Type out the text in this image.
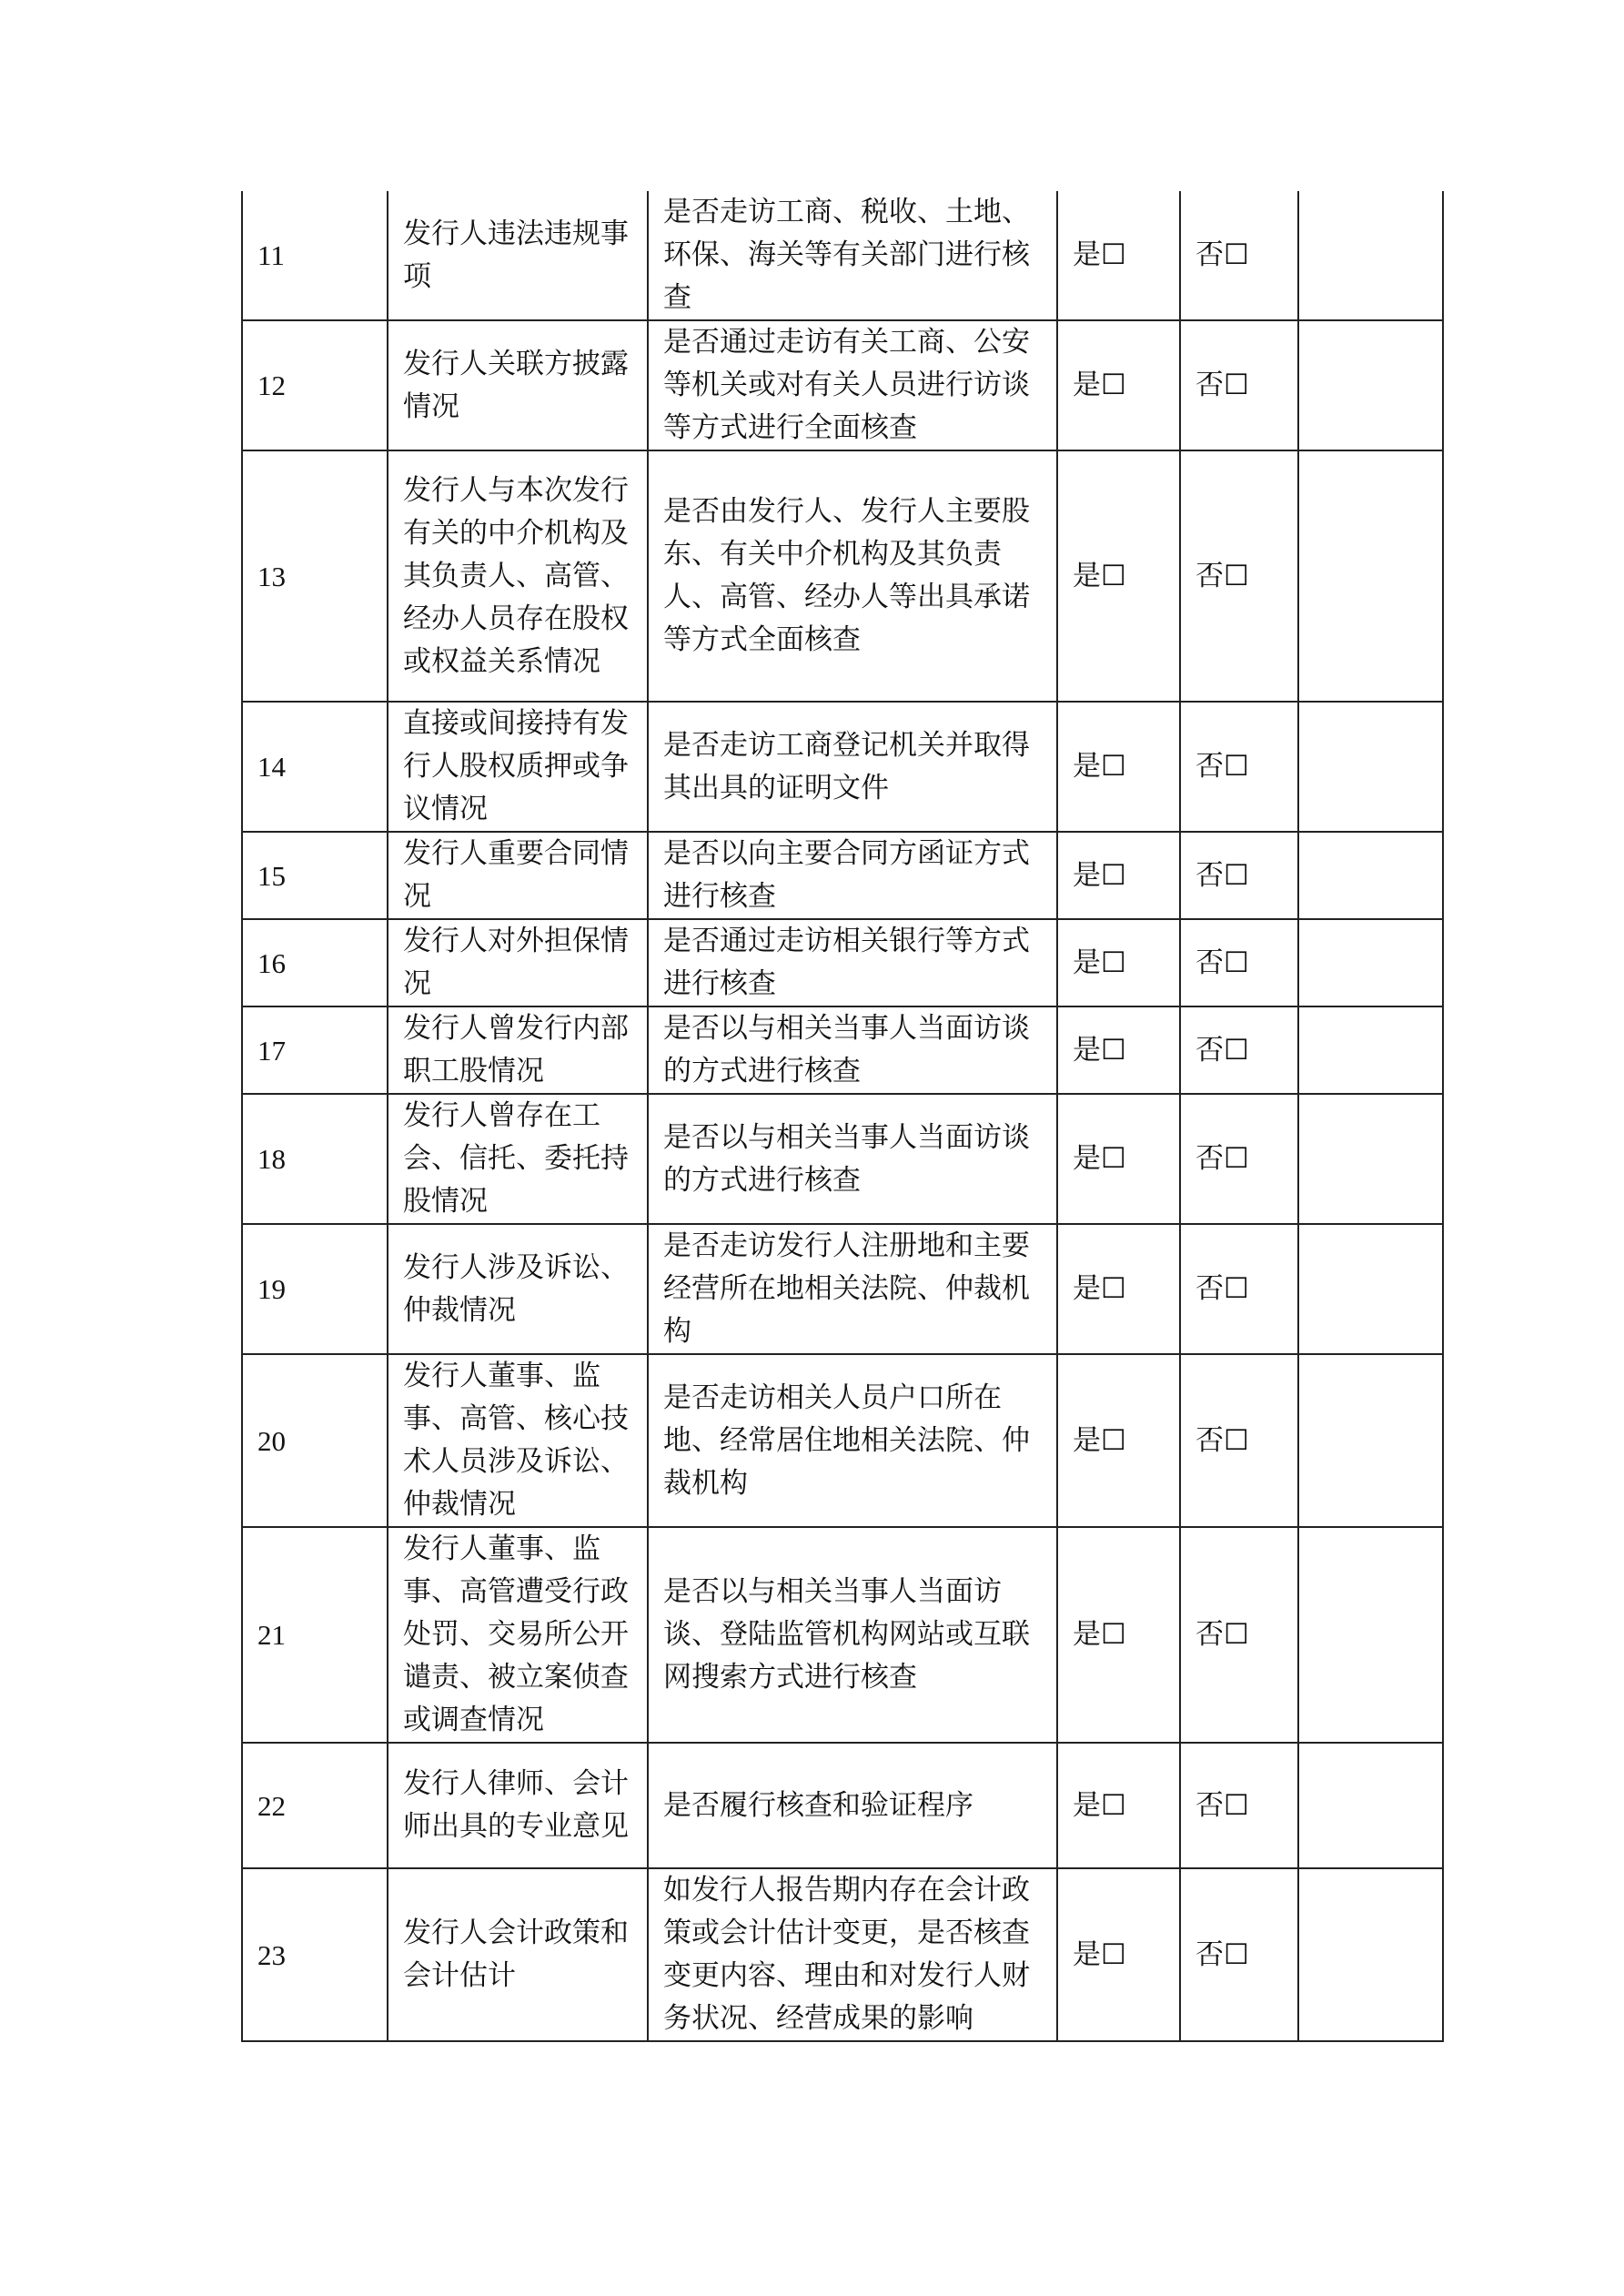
11	发行人违法违规事项	是否走访工商、税收、土地、环保、海关等有关部门进行核查	是☐	否☐	
12	发行人关联方披露情况	是否通过走访有关工商、公安等机关或对有关人员进行访谈等方式进行全面核查	是☐	否☐	
13	发行人与本次发行有关的中介机构及其负责人、高管、经办人员存在股权或权益关系情况	是否由发行人、发行人主要股东、有关中介机构及其负责人、高管、经办人等出具承诺等方式全面核查	是☐	否☐	
14	直接或间接持有发行人股权质押或争议情况	是否走访工商登记机关并取得其出具的证明文件	是☐	否☐	
15	发行人重要合同情况	是否以向主要合同方函证方式进行核查	是☐	否☐	
16	发行人对外担保情况	是否通过走访相关银行等方式进行核查	是☐	否☐	
17	发行人曾发行内部职工股情况	是否以与相关当事人当面访谈的方式进行核查	是☐	否☐	
18	发行人曾存在工会、信托、委托持股情况	是否以与相关当事人当面访谈的方式进行核查	是☐	否☐	
19	发行人涉及诉讼、仲裁情况	是否走访发行人注册地和主要经营所在地相关法院、仲裁机构	是☐	否☐	
20	发行人董事、监事、高管、核心技术人员涉及诉讼、仲裁情况	是否走访相关人员户口所在地、经常居住地相关法院、仲裁机构	是☐	否☐	
21	发行人董事、监事、高管遭受行政处罚、交易所公开谴责、被立案侦查或调查情况	是否以与相关当事人当面访谈、登陆监管机构网站或互联网搜索方式进行核查	是☐	否☐	
22	发行人律师、会计师出具的专业意见	是否履行核查和验证程序	是☐	否☐	
23	发行人会计政策和会计估计	如发行人报告期内存在会计政策或会计估计变更，是否核查变更内容、理由和对发行人财务状况、经营成果的影响	是☐	否☐	
